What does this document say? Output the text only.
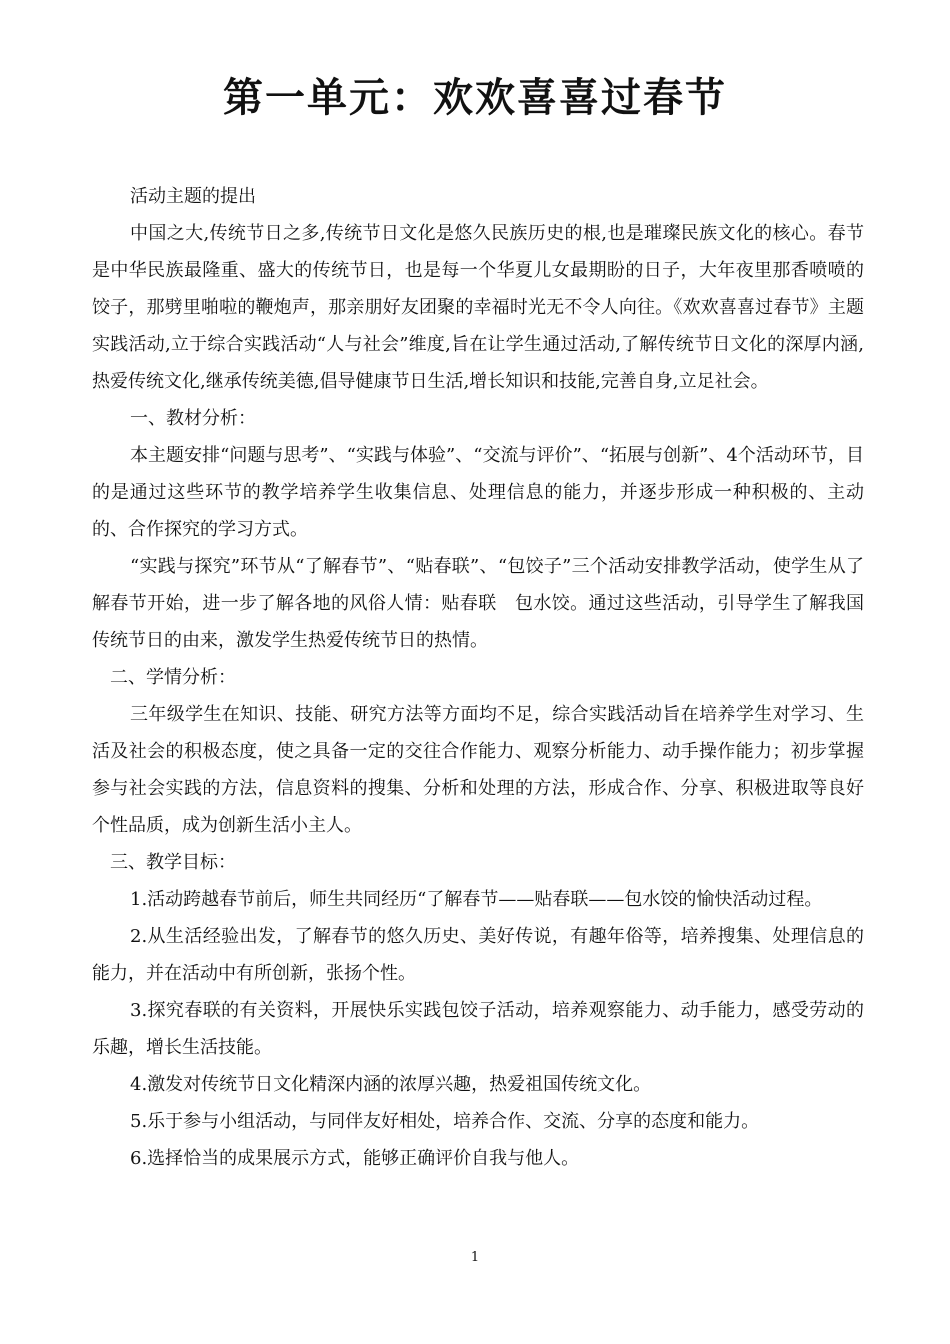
第一单元：欢欢喜喜过春节

活动主题的提出

中国之大,传统节日之多,传统节日文化是悠久民族历史的根,也是璀璨民族文化的核心。春节是中华民族最隆重、盛大的传统节日，也是每一个华夏儿女最期盼的日子，大年夜里那香喷喷的饺子，那劈里啪啦的鞭炮声，那亲朋好友团聚的幸福时光无不令人向往。《欢欢喜喜过春节》主题实践活动,立于综合实践活动“人与社会”维度,旨在让学生通过活动,了解传统节日文化的深厚内涵,热爱传统文化,继承传统美德,倡导健康节日生活,增长知识和技能,完善自身,立足社会。

一、教材分析：

本主题安排“问题与思考”、“实践与体验”、“交流与评价”、“拓展与创新”、4个活动环节，目的是通过这些环节的教学培养学生收集信息、处理信息的能力，并逐步形成一种积极的、主动的、合作探究的学习方式。

“实践与探究”环节从“了解春节”、“贴春联”、“包饺子”三个活动安排教学活动，使学生从了解春节开始，进一步了解各地的风俗人情：贴春联　包水饺。通过这些活动，引导学生了解我国传统节日的由来，激发学生热爱传统节日的热情。

二、学情分析：

三年级学生在知识、技能、研究方法等方面均不足，综合实践活动旨在培养学生对学习、生活及社会的积极态度，使之具备一定的交往合作能力、观察分析能力、动手操作能力；初步掌握参与社会实践的方法，信息资料的搜集、分析和处理的方法，形成合作、分享、积极进取等良好个性品质，成为创新生活小主人。

三、教学目标：

1.活动跨越春节前后，师生共同经历“了解春节——贴春联——包水饺的愉快活动过程。

2.从生活经验出发，了解春节的悠久历史、美好传说，有趣年俗等，培养搜集、处理信息的能力，并在活动中有所创新，张扬个性。

3.探究春联的有关资料，开展快乐实践包饺子活动，培养观察能力、动手能力，感受劳动的乐趣，增长生活技能。

4.激发对传统节日文化精深内涵的浓厚兴趣，热爱祖国传统文化。

5.乐于参与小组活动，与同伴友好相处，培养合作、交流、分享的态度和能力。

6.选择恰当的成果展示方式，能够正确评价自我与他人。

1
